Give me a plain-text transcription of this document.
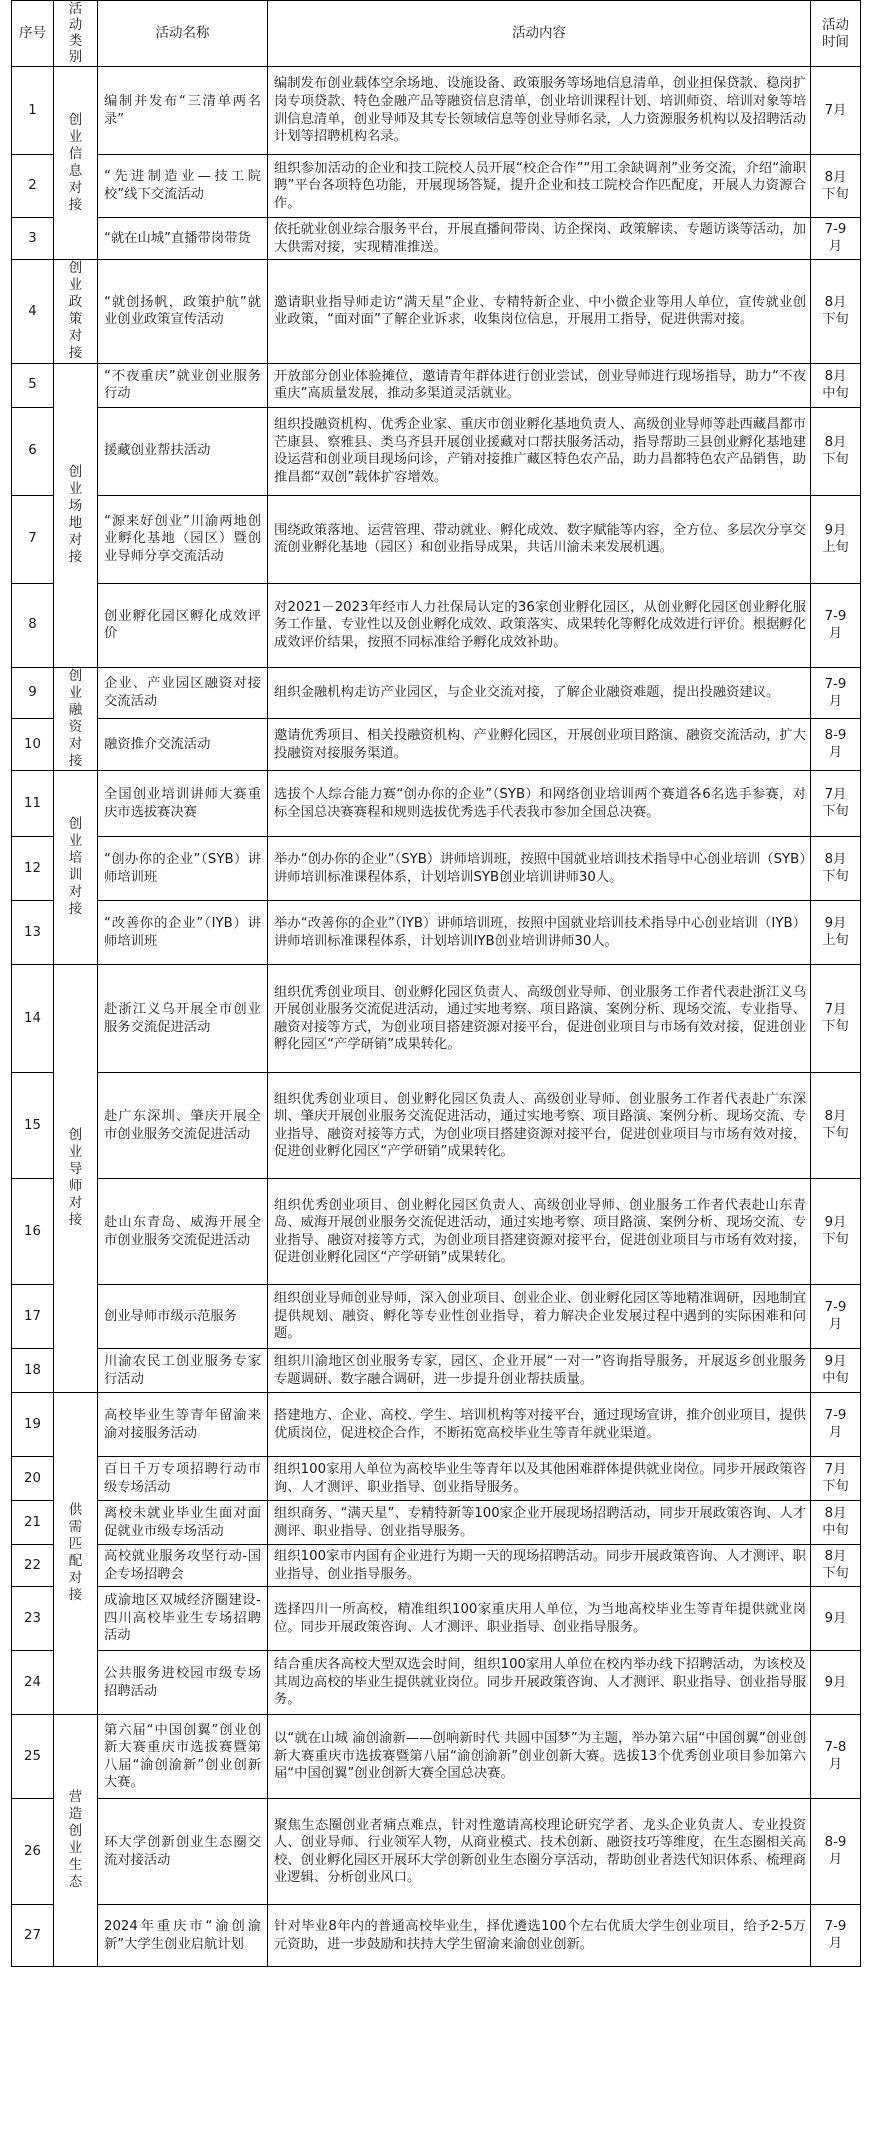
序号	活动类别	活动名称	活动内容	活动时间
1	创业信息对接	编制并发布“三清单两名录”	编制发布创业载体空余场地、设施设备、政策服务等场地信息清单，创业担保贷款、稳岗扩岗专项贷款、特色金融产品等融资信息清单，创业培训课程计划、培训师资、培训对象等培训信息清单，创业导师及其专长领域信息等创业导师名录，人力资源服务机构以及招聘活动计划等招聘机构名录。	7月
2		“先进制造业—技工院校”线下交流活动	组织参加活动的企业和技工院校人员开展“校企合作”“用工余缺调剂”业务交流，介绍“渝职聘”平台各项特色功能，开展现场答疑，提升企业和技工院校合作匹配度，开展人力资源合作。	8月下旬
3		“就在山城”直播带岗带货	依托就业创业综合服务平台，开展直播间带岗、访企探岗、政策解读、专题访谈等活动，加大供需对接，实现精准推送。	7-9月
4	创业政策对接	“就创扬帆，政策护航”就业创业政策宣传活动	邀请职业指导师走访“满天星”企业、专精特新企业、中小微企业等用人单位，宣传就业创业政策，“面对面”了解企业诉求，收集岗位信息，开展用工指导，促进供需对接。	8月下旬
5	创业场地对接	“不夜重庆”就业创业服务行动	开放部分创业体验摊位，邀请青年群体进行创业尝试，创业导师进行现场指导，助力“不夜重庆”高质量发展，推动多渠道灵活就业。	8月中旬
6		援藏创业帮扶活动	组织投融资机构、优秀企业家、重庆市创业孵化基地负责人、高级创业导师等赴西藏昌都市芒康县、察雅县、类乌齐县开展创业援藏对口帮扶服务活动，指导帮助三县创业孵化基地建设运营和创业项目现场问诊，产销对接推广藏区特色农产品，助力昌都特色农产品销售，助推昌都“双创”载体扩容增效。	8月下旬
7		“源来好创业”川渝两地创业孵化基地（园区）暨创业导师分享交流活动	围绕政策落地、运营管理、带动就业、孵化成效、数字赋能等内容，全方位、多层次分享交流创业孵化基地（园区）和创业指导成果，共话川渝未来发展机遇。	9月上旬
8		创业孵化园区孵化成效评价	对2021－2023年经市人力社保局认定的36家创业孵化园区，从创业孵化园区创业孵化服务工作量、专业性以及创业孵化成效、政策落实、成果转化等孵化成效进行评价。根据孵化成效评价结果，按照不同标准给予孵化成效补助。	7-9月
9	创业融资对接	企业、产业园区融资对接交流活动	组织金融机构走访产业园区，与企业交流对接，了解企业融资难题，提出投融资建议。	7-9月
10		融资推介交流活动	邀请优秀项目、相关投融资机构、产业孵化园区，开展创业项目路演、融资交流活动，扩大投融资对接服务渠道。	8-9月
11	创业培训对接	全国创业培训讲师大赛重庆市选拔赛决赛	选拔个人综合能力赛“创办你的企业”（SYB）和网络创业培训两个赛道各6名选手参赛，对标全国总决赛赛程和规则选拔优秀选手代表我市参加全国总决赛。	7月下旬
12		“创办你的企业”（SYB）讲师培训班	举办“创办你的企业”（SYB）讲师培训班，按照中国就业培训技术指导中心创业培训（SYB）讲师培训标准课程体系，计划培训SYB创业培训讲师30人。	8月下旬
13		“改善你的企业”（IYB）讲师培训班	举办“改善你的企业”（IYB）讲师培训班，按照中国就业培训技术指导中心创业培训（IYB）讲师培训标准课程体系，计划培训IYB创业培训讲师30人。	9月上旬
14	创业导师对接	赴浙江义乌开展全市创业服务交流促进活动	组织优秀创业项目、创业孵化园区负责人、高级创业导师、创业服务工作者代表赴浙江义乌开展创业服务交流促进活动，通过实地考察、项目路演、案例分析、现场交流、专业指导、融资对接等方式，为创业项目搭建资源对接平台，促进创业项目与市场有效对接，促进创业孵化园区“产学研销”成果转化。	7月下旬
15		赴广东深圳、肇庆开展全市创业服务交流促进活动	组织优秀创业项目、创业孵化园区负责人、高级创业导师、创业服务工作者代表赴广东深圳、肇庆开展创业服务交流促进活动，通过实地考察、项目路演、案例分析、现场交流、专业指导、融资对接等方式，为创业项目搭建资源对接平台，促进创业项目与市场有效对接，促进创业孵化园区“产学研销”成果转化。	8月下旬
16		赴山东青岛、威海开展全市创业服务交流促进活动	组织优秀创业项目、创业孵化园区负责人、高级创业导师、创业服务工作者代表赴山东青岛、威海开展创业服务交流促进活动，通过实地考察、项目路演、案例分析、现场交流、专业指导、融资对接等方式，为创业项目搭建资源对接平台，促进创业项目与市场有效对接，促进创业孵化园区“产学研销”成果转化。	9月下旬
17		创业导师市级示范服务	组织创业导师创业导师，深入创业项目、创业企业、创业孵化园区等地精准调研，因地制宜提供规划、融资、孵化等专业性创业指导，着力解决企业发展过程中遇到的实际困难和问题。	7-9月
18		川渝农民工创业服务专家行活动	组织川渝地区创业服务专家，园区、企业开展“一对一”咨询指导服务，开展返乡创业服务专题调研、数字融合调研，进一步提升创业帮扶质量。	9月中旬
19	供需匹配对接	高校毕业生等青年留渝来渝对接服务活动	搭建地方、企业、高校、学生、培训机构等对接平台，通过现场宣讲，推介创业项目，提供优质岗位，促进校企合作，不断拓宽高校毕业生等青年就业渠道。	7-9月
20		百日千万专项招聘行动市级专场活动	组织100家用人单位为高校毕业生等青年以及其他困难群体提供就业岗位。同步开展政策咨询、人才测评、职业指导、创业指导服务。	7月下旬
21		离校未就业毕业生面对面促就业市级专场活动	组织商务、“满天星”、专精特新等100家企业开展现场招聘活动，同步开展政策咨询、人才测评、职业指导、创业指导服务。	8月中旬
22		高校就业服务攻坚行动-国企专场招聘会	组织100家市内国有企业进行为期一天的现场招聘活动。同步开展政策咨询、人才测评、职业指导、创业指导服务。	8月下旬
23		成渝地区双城经济圈建设-四川高校毕业生专场招聘活动	选择四川一所高校，精准组织100家重庆用人单位，为当地高校毕业生等青年提供就业岗位。同步开展政策咨询、人才测评、职业指导、创业指导服务。	9月
24		公共服务进校园市级专场招聘活动	结合重庆各高校大型双选会时间，组织100家用人单位在校内举办线下招聘活动，为该校及其周边高校的毕业生提供就业岗位。同步开展政策咨询、人才测评、职业指导、创业指导服务。	9月
25	营造创业生态	第六届“中国创翼”创业创新大赛重庆市选拔赛暨第八届“渝创渝新”创业创新大赛。	以“就在山城 渝创渝新——创响新时代 共圆中国梦”为主题，举办第六届“中国创翼”创业创新大赛重庆市选拔赛暨第八届“渝创渝新”创业创新大赛。选拔13个优秀创业项目参加第六届“中国创翼”创业创新大赛全国总决赛。	7-8月
26		环大学创新创业生态圈交流对接活动	聚焦生态圈创业者痛点难点，针对性邀请高校理论研究学者、龙头企业负责人、专业投资人、创业导师、行业领军人物，从商业模式、技术创新、融资技巧等维度，在生态圈相关高校、创业孵化园区开展环大学创新创业生态圈分享活动，帮助创业者迭代知识体系、梳理商业逻辑、分析创业风口。	8-9月
27		2024年重庆市“渝创渝新”大学生创业启航计划	针对毕业8年内的普通高校毕业生，择优遴选100个左右优质大学生创业项目，给予2-5万元资助，进一步鼓励和扶持大学生留渝来渝创业创新。	7-9月
